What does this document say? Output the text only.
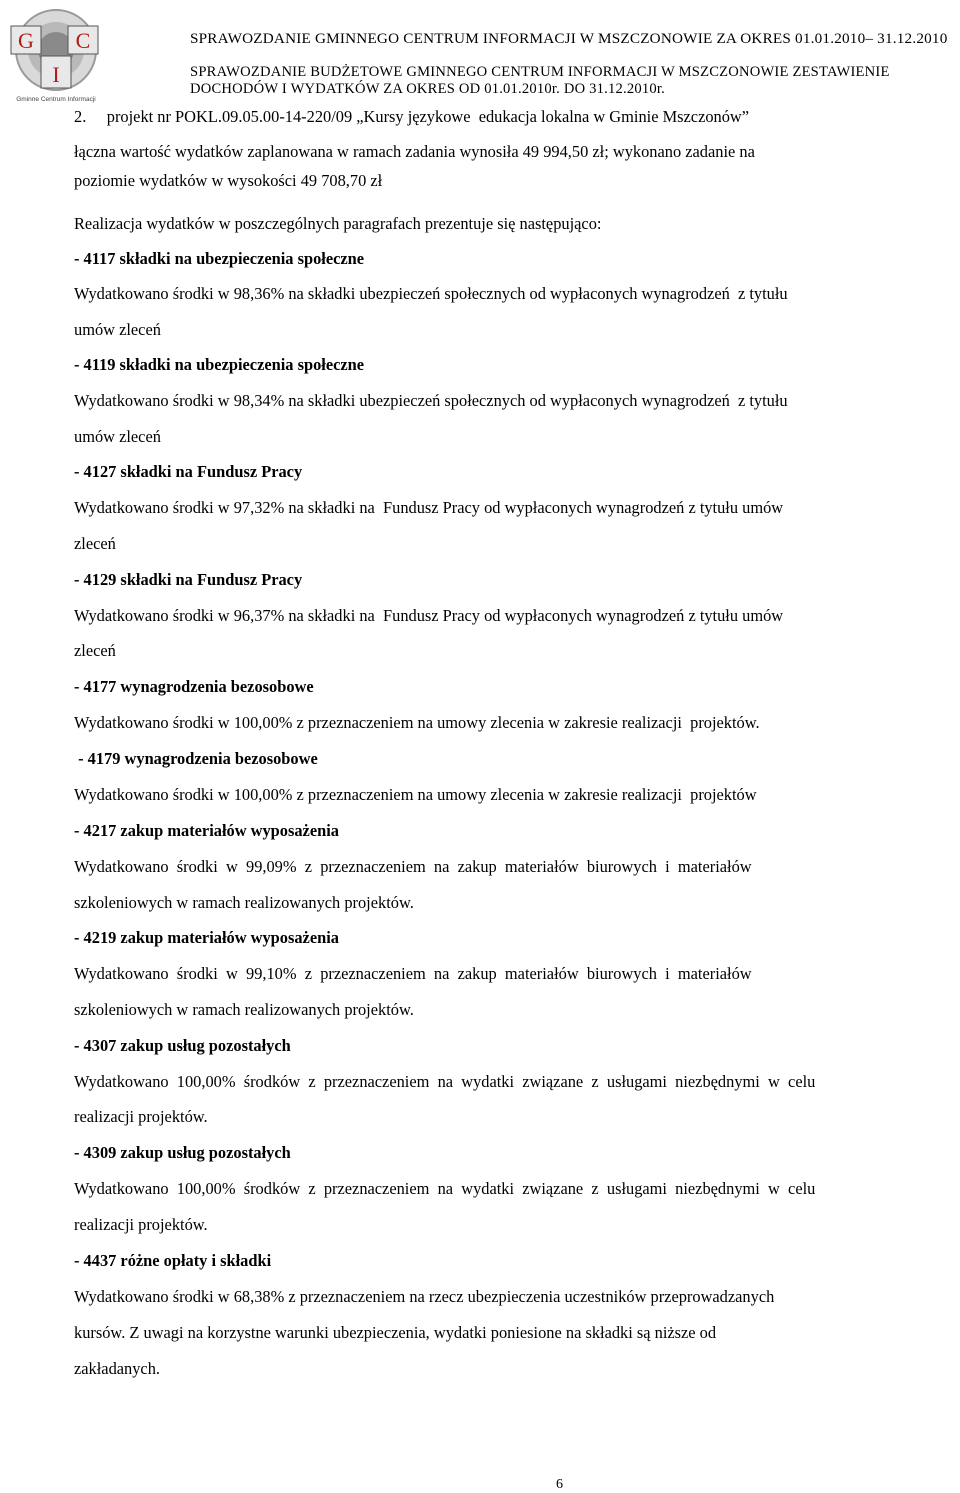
G C
I
Gminne Centrum Informacji
SPRAWOZDANIE GMINNEGO CENTRUM INFORMACJI W MSZCZONOWIE ZA OKRES 01.01.2010– 31.12.2010
SPRAWOZDANIE BUDŻETOWE GMINNEGO CENTRUM INFORMACJI W MSZCZONOWIE ZESTAWIENIE
DOCHODÓW I WYDATKÓW ZA OKRES OD 01.01.2010r. DO 31.12.2010r.
2.     projekt nr POKL.09.05.00-14-220/09 „Kursy językowe  edukacja lokalna w Gminie Mszczonów”
łączna wartość wydatków zaplanowana w ramach zadania wynosiła 49 994,50 zł; wykonano zadanie na
poziomie wydatków w wysokości 49 708,70 zł
Realizacja wydatków w poszczególnych paragrafach prezentuje się następująco:
- 4117 składki na ubezpieczenia społeczne
Wydatkowano środki w 98,36% na składki ubezpieczeń społecznych od wypłaconych wynagrodzeń  z tytułu
umów zleceń
- 4119 składki na ubezpieczenia społeczne
Wydatkowano środki w 98,34% na składki ubezpieczeń społecznych od wypłaconych wynagrodzeń  z tytułu
umów zleceń
- 4127 składki na Fundusz Pracy
Wydatkowano środki w 97,32% na składki na  Fundusz Pracy od wypłaconych wynagrodzeń z tytułu umów
zleceń
- 4129 składki na Fundusz Pracy
Wydatkowano środki w 96,37% na składki na  Fundusz Pracy od wypłaconych wynagrodzeń z tytułu umów
zleceń
- 4177 wynagrodzenia bezosobowe
Wydatkowano środki w 100,00% z przeznaczeniem na umowy zlecenia w zakresie realizacji  projektów.
- 4179 wynagrodzenia bezosobowe
Wydatkowano środki w 100,00% z przeznaczeniem na umowy zlecenia w zakresie realizacji  projektów
- 4217 zakup materiałów wyposażenia
Wydatkowano  środki  w  99,09%  z  przeznaczeniem  na  zakup  materiałów  biurowych  i  materiałów
szkoleniowych w ramach realizowanych projektów.
- 4219 zakup materiałów wyposażenia
Wydatkowano  środki  w  99,10%  z  przeznaczeniem  na  zakup  materiałów  biurowych  i  materiałów
szkoleniowych w ramach realizowanych projektów.
- 4307 zakup usług pozostałych
Wydatkowano  100,00%  środków  z  przeznaczeniem  na  wydatki  związane  z  usługami  niezbędnymi  w  celu
realizacji projektów.
- 4309 zakup usług pozostałych
Wydatkowano  100,00%  środków  z  przeznaczeniem  na  wydatki  związane  z  usługami  niezbędnymi  w  celu
realizacji projektów.
- 4437 różne opłaty i składki
Wydatkowano środki w 68,38% z przeznaczeniem na rzecz ubezpieczenia uczestników przeprowadzanych
kursów. Z uwagi na korzystne warunki ubezpieczenia, wydatki poniesione na składki są niższe od
zakładanych.
6
